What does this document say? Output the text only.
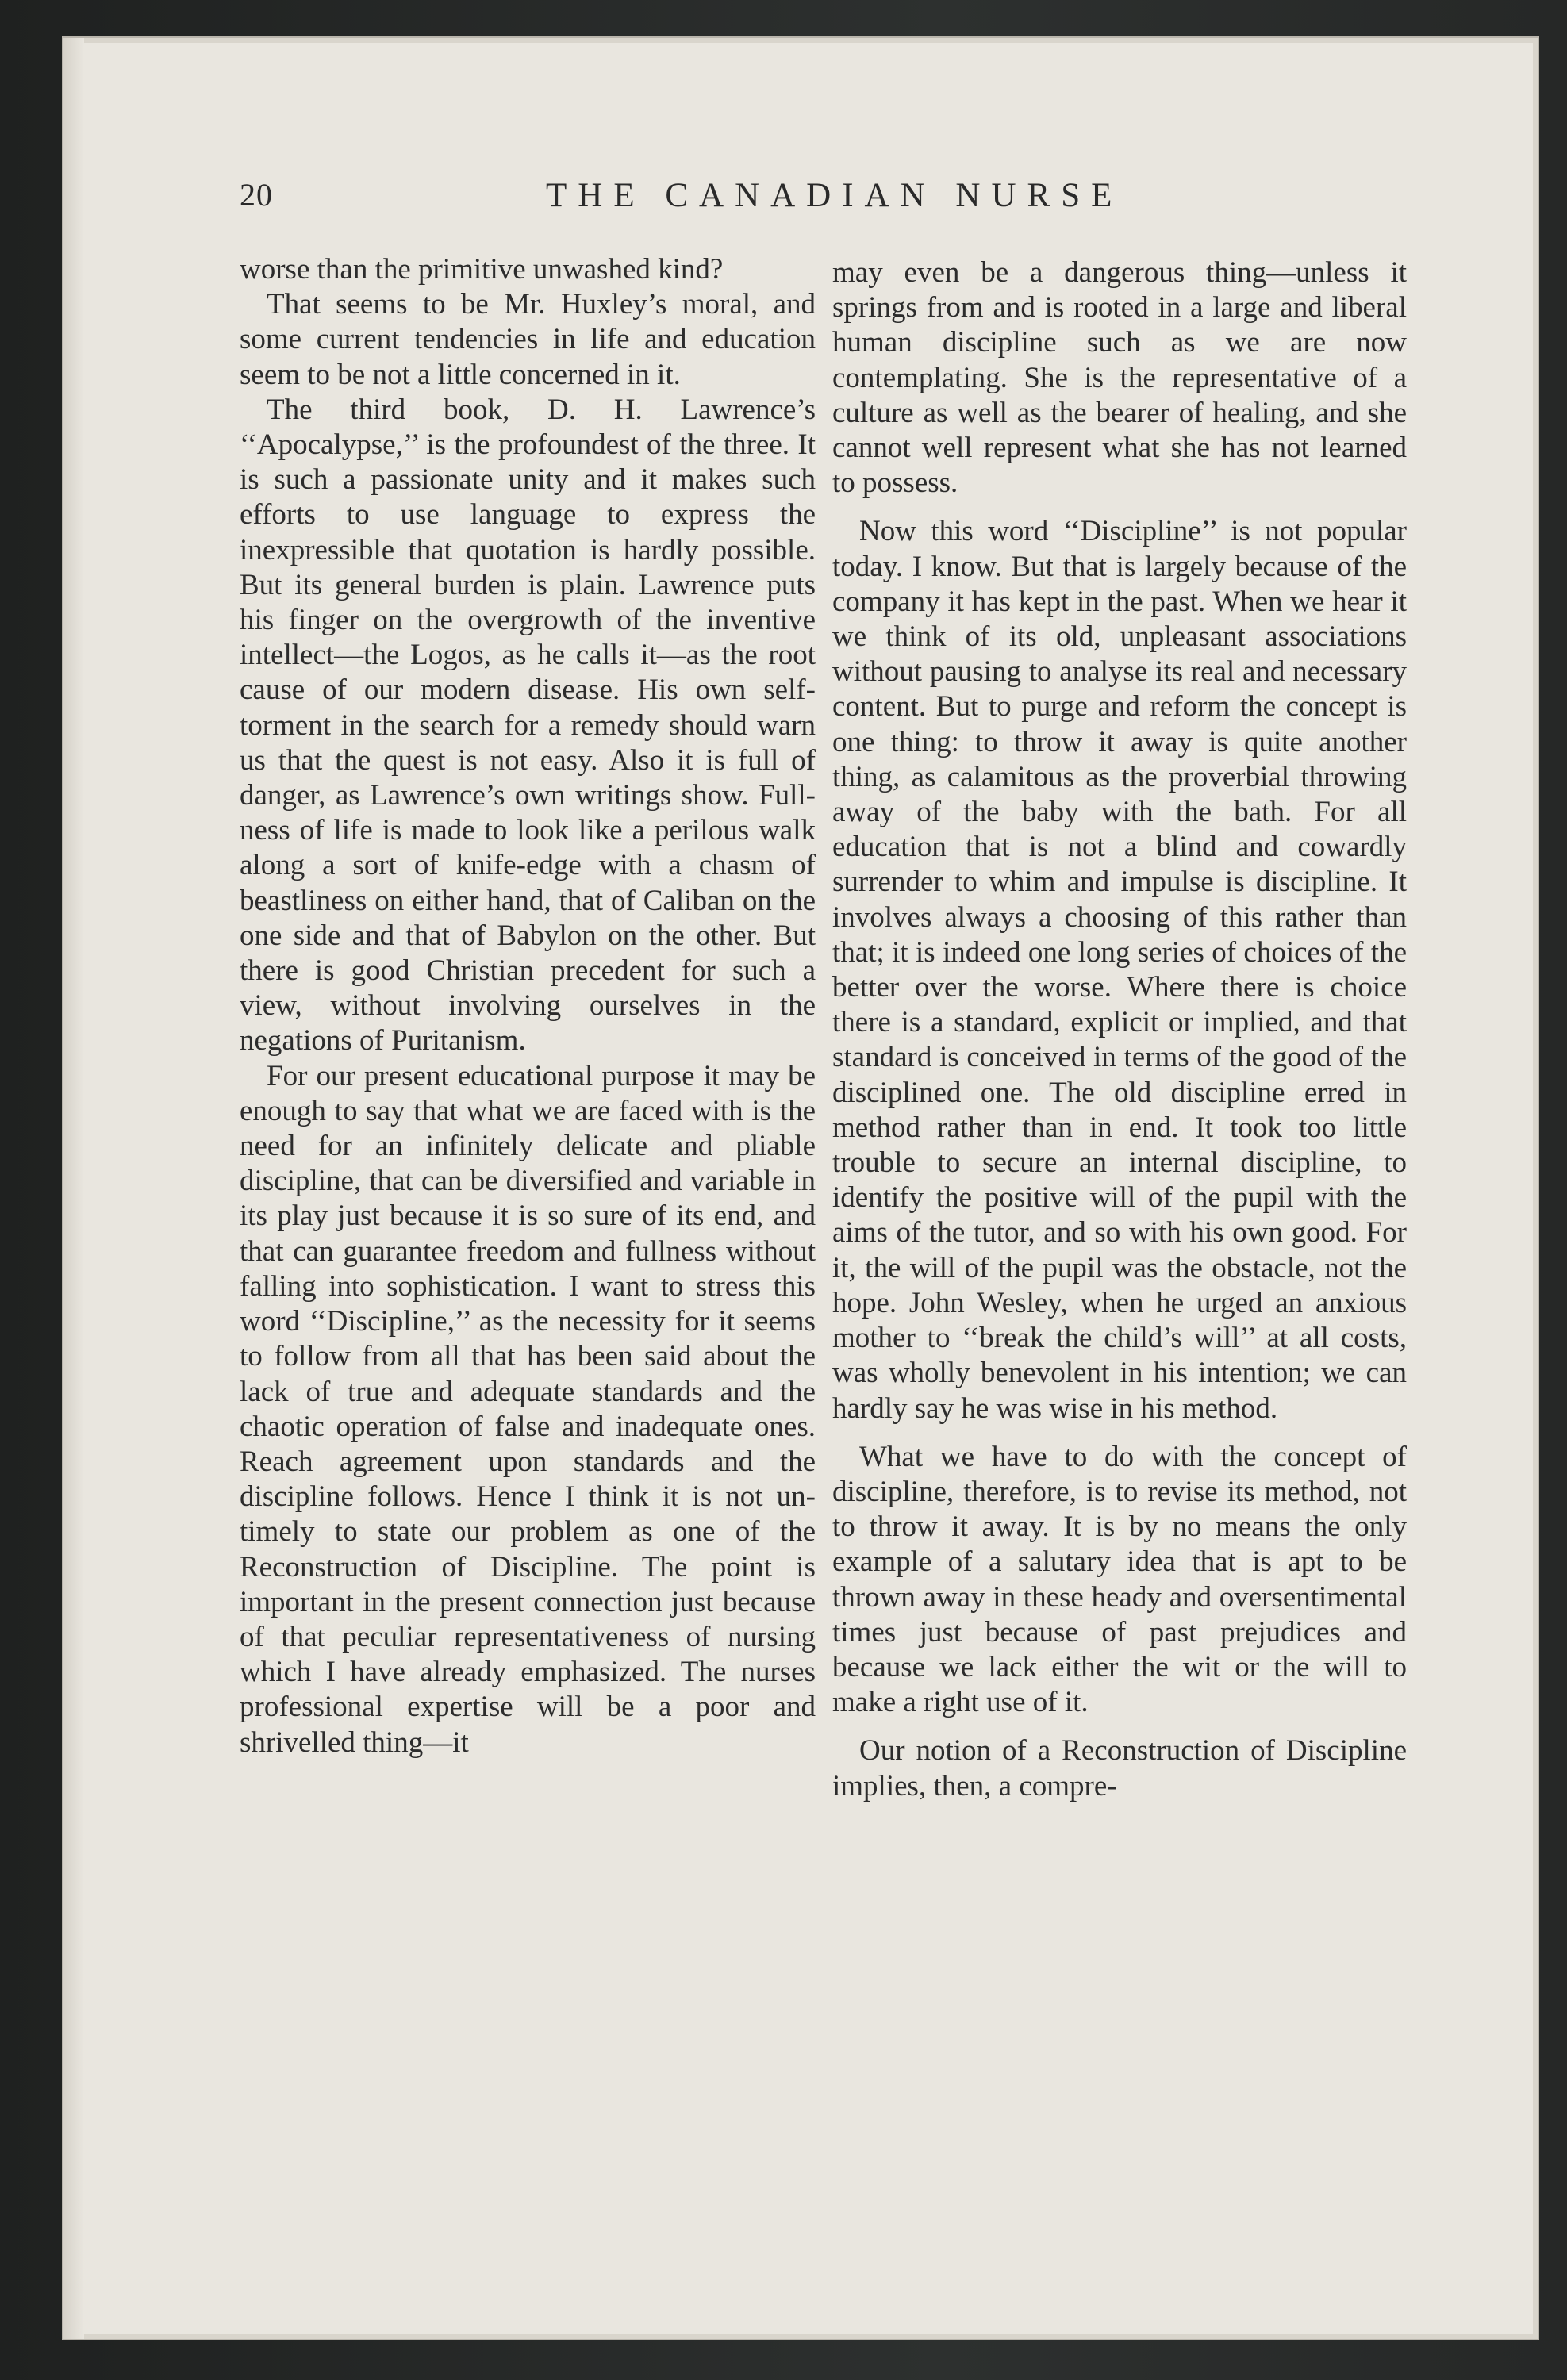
20	THE CANADIAN NURSE

worse than the primitive unwashed kind?

That seems to be Mr. Huxley’s moral, and some current tendencies in life and education seem to be not a little concerned in it.

The third book, D. H. Lawrence’s ‘‘Apocalypse,’’ is the profoundest of the three. It is such a passionate unity and it makes such efforts to use language to express the inexpressible that quotation is hardly possible. But its general burden is plain. Lawrence puts his finger on the overgrowth of the inventive intellect—the Logos, as he calls it—as the root cause of our modern disease. His own self-torment in the search for a remedy should warn us that the quest is not easy. Also it is full of danger, as Lawrence’s own writings show. Fullness of life is made to look like a perilous walk along a sort of knife-edge with a chasm of beastliness on either hand, that of Caliban on the one side and that of Babylon on the other. But there is good Christian precedent for such a view, without involving ourselves in the negations of Puritanism.

For our present educational purpose it may be enough to say that what we are faced with is the need for an infinitely delicate and pliable discipline, that can be diversified and variable in its play just because it is so sure of its end, and that can guarantee freedom and fullness without falling into sophistication. I want to stress this word ‘‘Discipline,’’ as the necessity for it seems to follow from all that has been said about the lack of true and adequate standards and the chaotic operation of false and inadequate ones. Reach agreement upon standards and the discipline follows. Hence I think it is not untimely to state our problem as one of the Reconstruction of Discipline. The point is important in the present connection just because of that peculiar representativeness of nursing which I have already emphasized. The nurses professional expertise will be a poor and shrivelled thing—it

may even be a dangerous thing—unless it springs from and is rooted in a large and liberal human discipline such as we are now contemplating. She is the representative of a culture as well as the bearer of healing, and she cannot well represent what she has not learned to possess.

Now this word ‘‘Discipline’’ is not popular today. I know. But that is largely because of the company it has kept in the past. When we hear it we think of its old, unpleasant associations without pausing to analyse its real and necessary content. But to purge and reform the concept is one thing: to throw it away is quite another thing, as calamitous as the proverbial throwing away of the baby with the bath. For all education that is not a blind and cowardly surrender to whim and impulse is discipline. It involves always a choosing of this rather than that; it is indeed one long series of choices of the better over the worse. Where there is choice there is a standard, explicit or implied, and that standard is conceived in terms of the good of the disciplined one. The old discipline erred in method rather than in end. It took too little trouble to secure an internal discipline, to identify the positive will of the pupil with the aims of the tutor, and so with his own good. For it, the will of the pupil was the obstacle, not the hope. John Wesley, when he urged an anxious mother to ‘‘break the child’s will’’ at all costs, was wholly benevolent in his intention; we can hardly say he was wise in his method.

What we have to do with the concept of discipline, therefore, is to revise its method, not to throw it away. It is by no means the only example of a salutary idea that is apt to be thrown away in these heady and oversentimental times just because of past prejudices and because we lack either the wit or the will to make a right use of it.

Our notion of a Reconstruction of Discipline implies, then, a compre-
